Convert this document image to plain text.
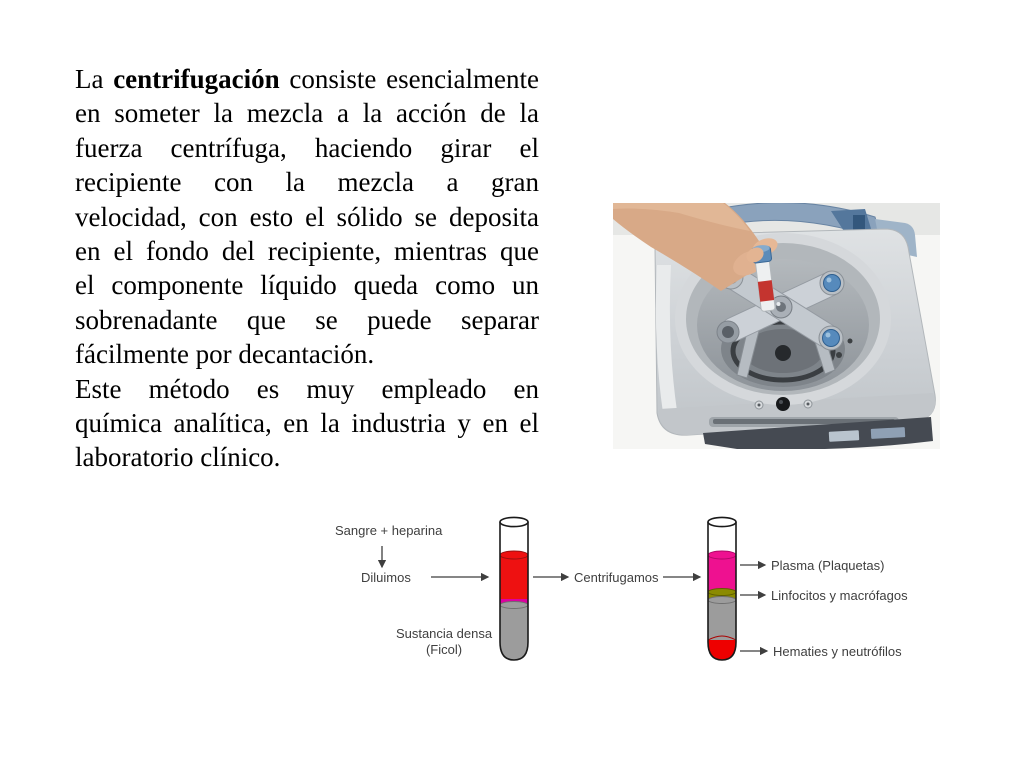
La centrifugación consiste esencialmente
en someter la mezcla a la acción de la
fuerza centrífuga, haciendo girar el
recipiente con la mezcla a gran
velocidad, con esto el sólido se deposita
en el fondo del recipiente, mientras que
el componente líquido queda como un
sobrenadante que se puede separar
fácilmente por decantación.
Este método es muy empleado en
química analítica, en la industria y en el
laboratorio clínico.
Sangre + heparina
Diluimos	Centrifugamos
Sustancia densa
(Ficol)
Plasma (Plaquetas)
Linfocitos y macrófagos
Hematies y neutrófilos
